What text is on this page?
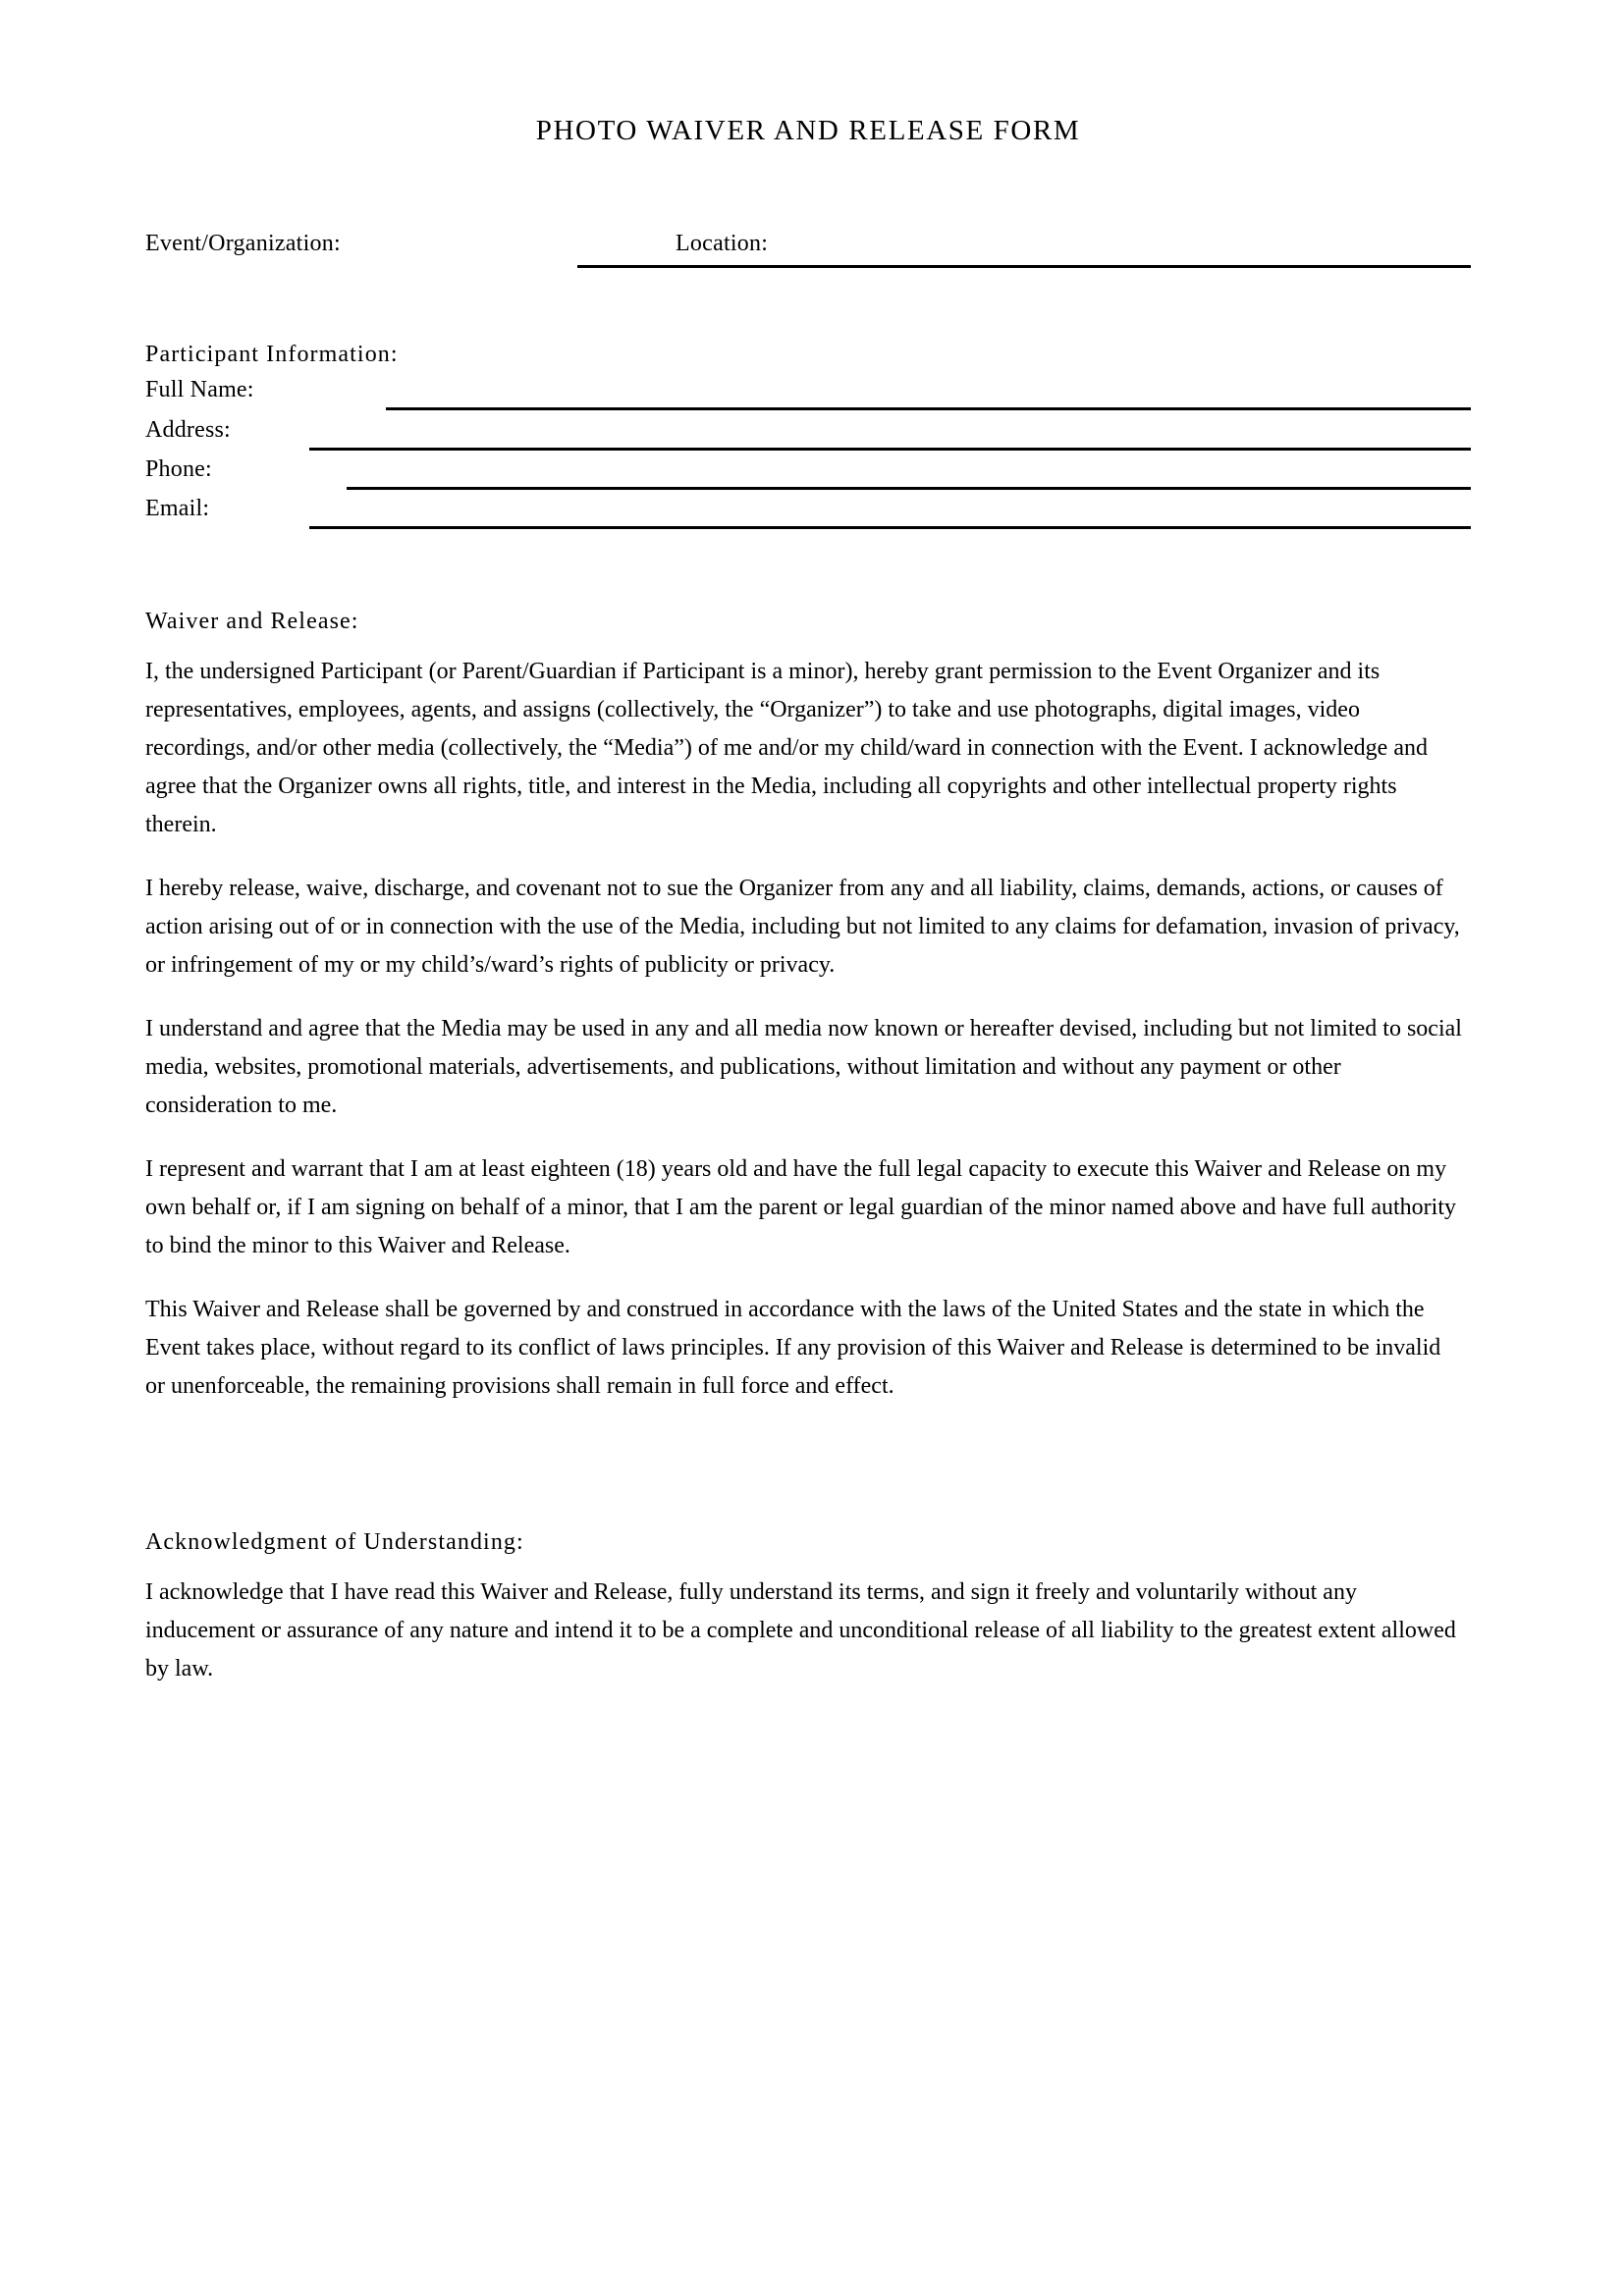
PHOTO WAIVER AND RELEASE FORM
Event/Organization:	Location:
Participant Information:
Full Name:
Address:
Phone:
Email:
Waiver and Release:

I, the undersigned Participant (or Parent/Guardian if Participant is a minor), hereby grant permission to the Event Organizer and its representatives, employees, agents, and assigns (collectively, the “Organizer”) to take and use photographs, digital images, video recordings, and/or other media (collectively, the “Media”) of me and/or my child/ward in connection with the Event. I acknowledge and agree that the Organizer owns all rights, title, and interest in the Media, including all copyrights and other intellectual property rights therein.

I hereby release, waive, discharge, and covenant not to sue the Organizer from any and all liability, claims, demands, actions, or causes of action arising out of or in connection with the use of the Media, including but not limited to any claims for defamation, invasion of privacy, or infringement of my or my child’s/ward’s rights of publicity or privacy.

I understand and agree that the Media may be used in any and all media now known or hereafter devised, including but not limited to social media, websites, promotional materials, advertisements, and publications, without limitation and without any payment or other consideration to me.

I represent and warrant that I am at least eighteen (18) years old and have the full legal capacity to execute this Waiver and Release on my own behalf or, if I am signing on behalf of a minor, that I am the parent or legal guardian of the minor named above and have full authority to bind the minor to this Waiver and Release.

This Waiver and Release shall be governed by and construed in accordance with the laws of the United States and the state in which the Event takes place, without regard to its conflict of laws principles. If any provision of this Waiver and Release is determined to be invalid or unenforceable, the remaining provisions shall remain in full force and effect.

Acknowledgment of Understanding:

I acknowledge that I have read this Waiver and Release, fully understand its terms, and sign it freely and voluntarily without any inducement or assurance of any nature and intend it to be a complete and unconditional release of all liability to the greatest extent allowed by law.
